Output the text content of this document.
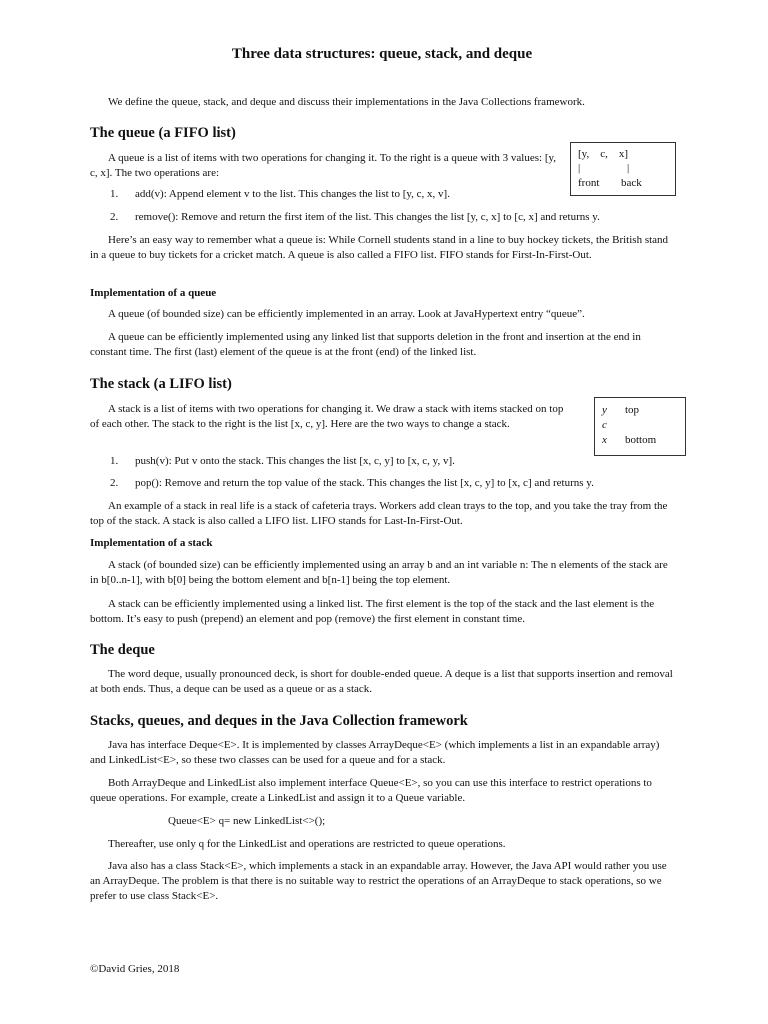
Three data structures: queue, stack, and deque

We define the queue, stack, and deque and discuss their implementations in the Java Collections framework.

The queue (a FIFO list)

A queue is a list of items with two operations for changing it. To the right is a queue with 3 values: [y, c, x]. The two operations are:

[y,    c,    x]
|                 |
front back
1. add(v): Append element v to the list. This changes the list to [y, c, x, v].
2. remove(): Remove and return the first item of the list. This changes the list [y, c, x] to [c, x] and returns y.

Here’s an easy way to remember what a queue is: While Cornell students stand in a line to buy hockey tickets, the British stand in a queue to buy tickets for a cricket match. A queue is also called a FIFO list. FIFO stands for First-In-First-Out.

Implementation of a queue

A queue (of bounded size) can be efficiently implemented in an array. Look at JavaHypertext entry “queue”.

A queue can be efficiently implemented using any linked list that supports deletion in the front and insertion at the end in constant time. The first (last) element of the queue is at the front (end) of the linked list.

The stack (a LIFO list)

A stack is a list of items with two operations for changing it. We draw a stack with items stacked on top of each other. The stack to the right is the list [x, c, y]. Here are the two ways to change a stack.

y top
c
x bottom
1. push(v): Put v onto the stack. This changes the list [x, c, y] to [x, c, y, v].
2. pop(): Remove and return the top value of the stack. This changes the list [x, c, y] to [x, c] and returns y.

An example of a stack in real life is a stack of cafeteria trays. Workers add clean trays to the top, and you take the tray from the top of the stack. A stack is also called a LIFO list. LIFO stands for Last-In-First-Out.

Implementation of a stack

A stack (of bounded size) can be efficiently implemented using an array b and an int variable n: The n elements of the stack are in b[0..n-1], with b[0] being the bottom element and b[n-1] being the top element.

A stack can be efficiently implemented using a linked list. The first element is the top of the stack and the last element is the bottom. It’s easy to push (prepend) an element and pop (remove) the first element in constant time.

The deque

The word deque, usually pronounced deck, is short for double-ended queue. A deque is a list that supports insertion and removal at both ends. Thus, a deque can be used as a queue or as a stack.

Stacks, queues, and deques in the Java Collection framework

Java has interface Deque<E>. It is implemented by classes ArrayDeque<E> (which implements a list in an expandable array) and LinkedList<E>, so these two classes can be used for a queue and for a stack.

Both ArrayDeque and LinkedList also implement interface Queue<E>, so you can use this interface to restrict operations to queue operations. For example, create a LinkedList and assign it to a Queue variable.

Queue<E> q= new LinkedList<>();

Thereafter, use only q for the LinkedList and operations are restricted to queue operations.

Java also has a class Stack<E>, which implements a stack in an expandable array. However, the Java API would rather you use an ArrayDeque. The problem is that there is no suitable way to restrict the operations of an ArrayDeque to stack operations, so we prefer to use class Stack<E>.

©David Gries, 2018
